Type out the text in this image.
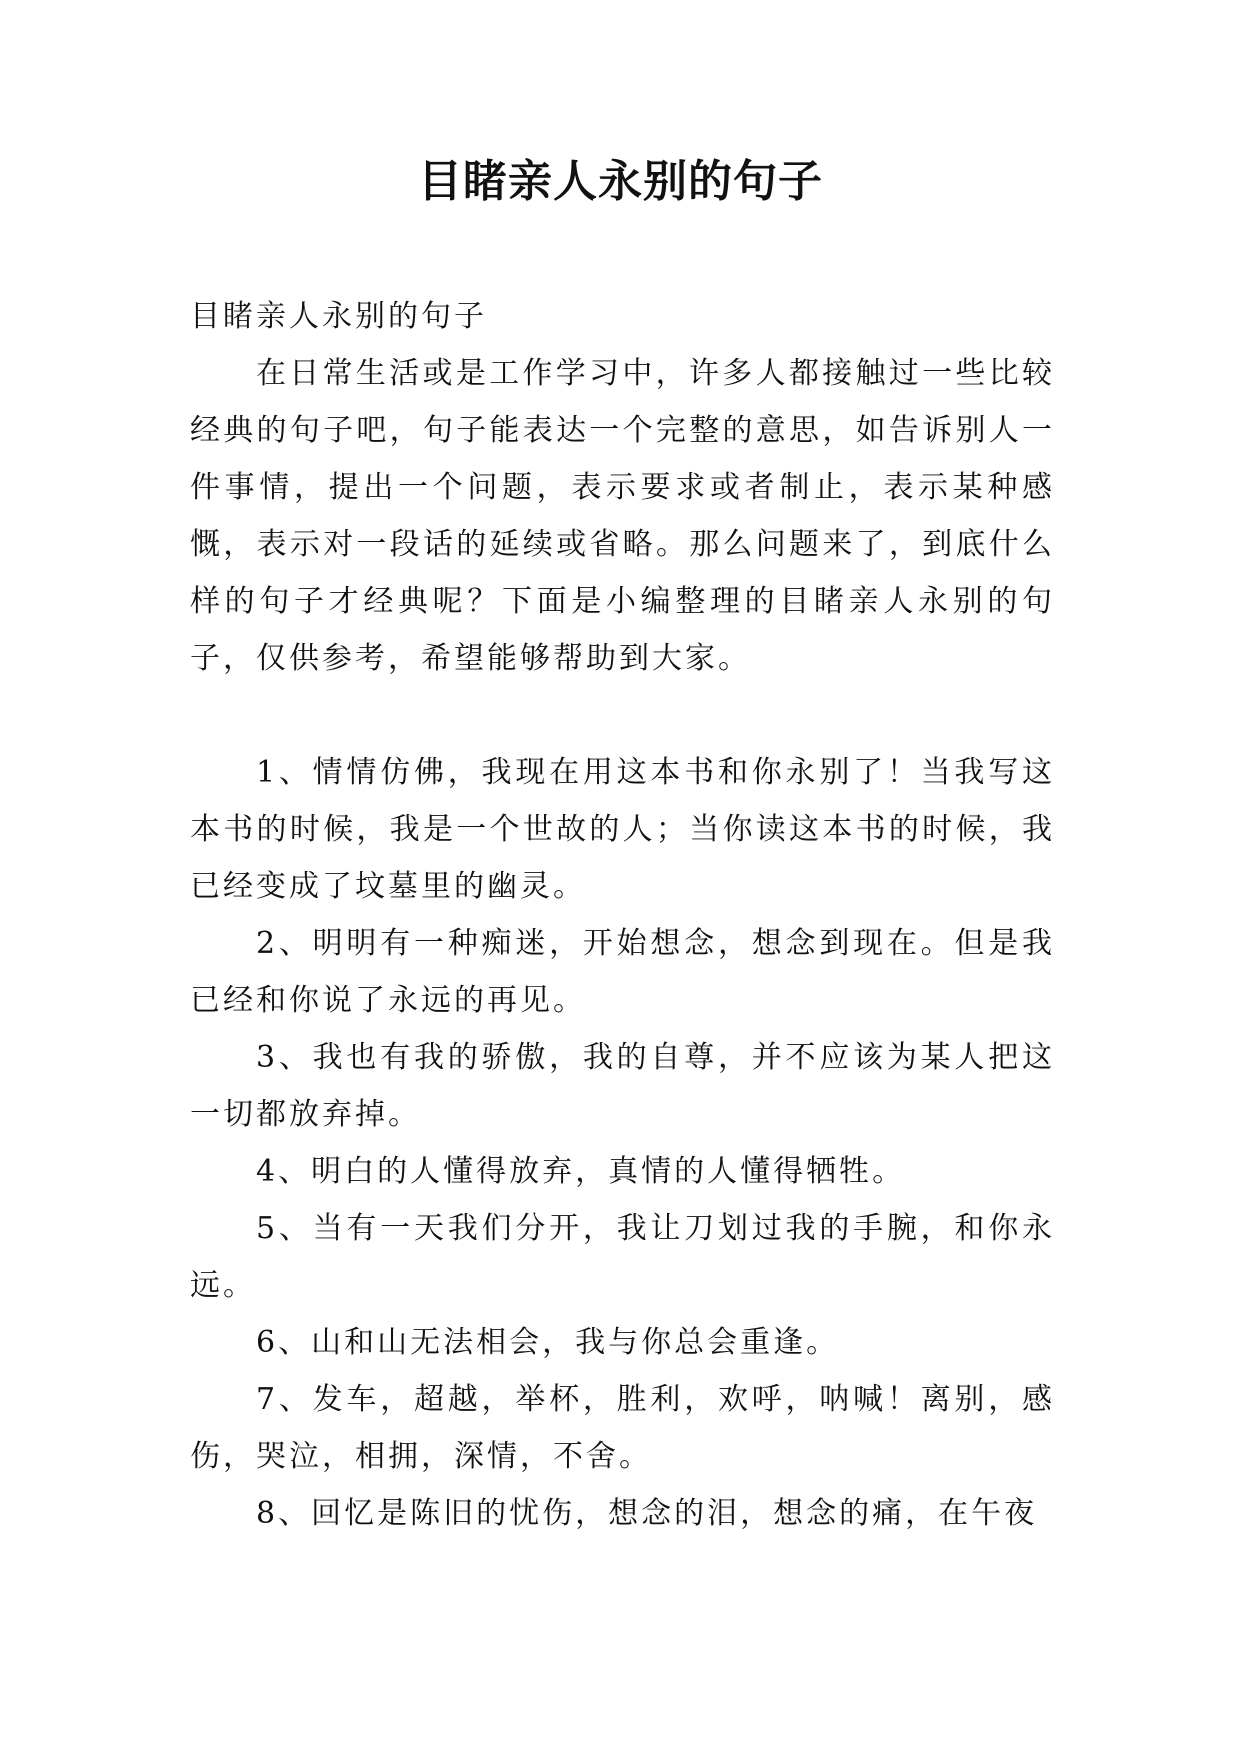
目睹亲人永别的句子

目睹亲人永别的句子

在日常生活或是工作学习中，许多人都接触过一些比较经典的句子吧，句子能表达一个完整的意思，如告诉别人一件事情，提出一个问题，表示要求或者制止，表示某种感慨，表示对一段话的延续或省略。那么问题来了，到底什么样的句子才经典呢？下面是小编整理的目睹亲人永别的句子，仅供参考，希望能够帮助到大家。

1、情情仿佛，我现在用这本书和你永别了！当我写这本书的时候，我是一个世故的人；当你读这本书的时候，我已经变成了坟墓里的幽灵。

2、明明有一种痴迷，开始想念，想念到现在。但是我已经和你说了永远的再见。

3、我也有我的骄傲，我的自尊，并不应该为某人把这一切都放弃掉。

4、明白的人懂得放弃，真情的人懂得牺牲。

5、当有一天我们分开，我让刀划过我的手腕，和你永远。

6、山和山无法相会，我与你总会重逢。

7、发车，超越，举杯，胜利，欢呼，呐喊！离别，感伤，哭泣，相拥，深情，不舍。

8、回忆是陈旧的忧伤，想念的泪，想念的痛，在午夜
